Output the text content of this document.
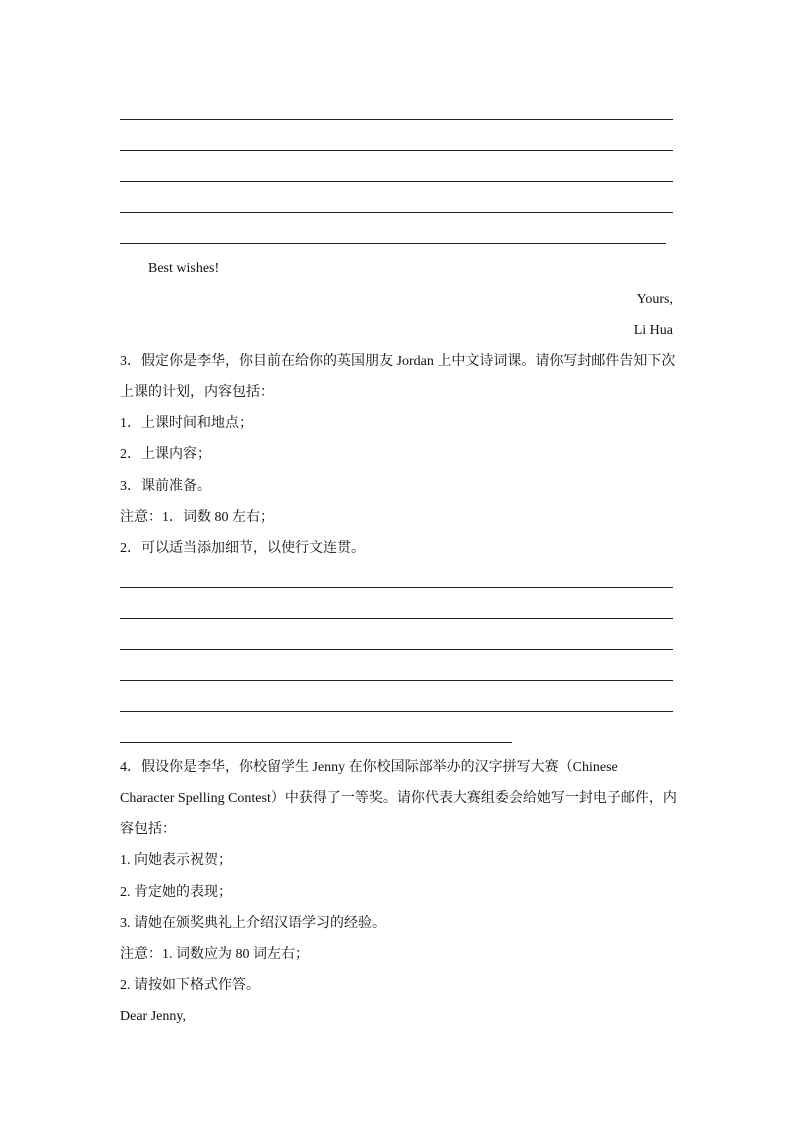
Best wishes!
Yours,
Li Hua
3．假定你是李华，你目前在给你的英国朋友 Jordan 上中文诗词课。请你写封邮件告知下次
上课的计划，内容包括：
1．上课时间和地点；
2．上课内容；
3．课前准备。
注意：1．词数 80 左右；
2．可以适当添加细节，以使行文连贯。
4．假设你是李华，你校留学生 Jenny 在你校国际部举办的汉字拼写大赛（Chinese
Character Spelling Contest）中获得了一等奖。请你代表大赛组委会给她写一封电子邮件，内
容包括：
1. 向她表示祝贺；
2. 肯定她的表现；
3. 请她在颁奖典礼上介绍汉语学习的经验。
注意：1. 词数应为 80 词左右；
2. 请按如下格式作答。
Dear Jenny,
